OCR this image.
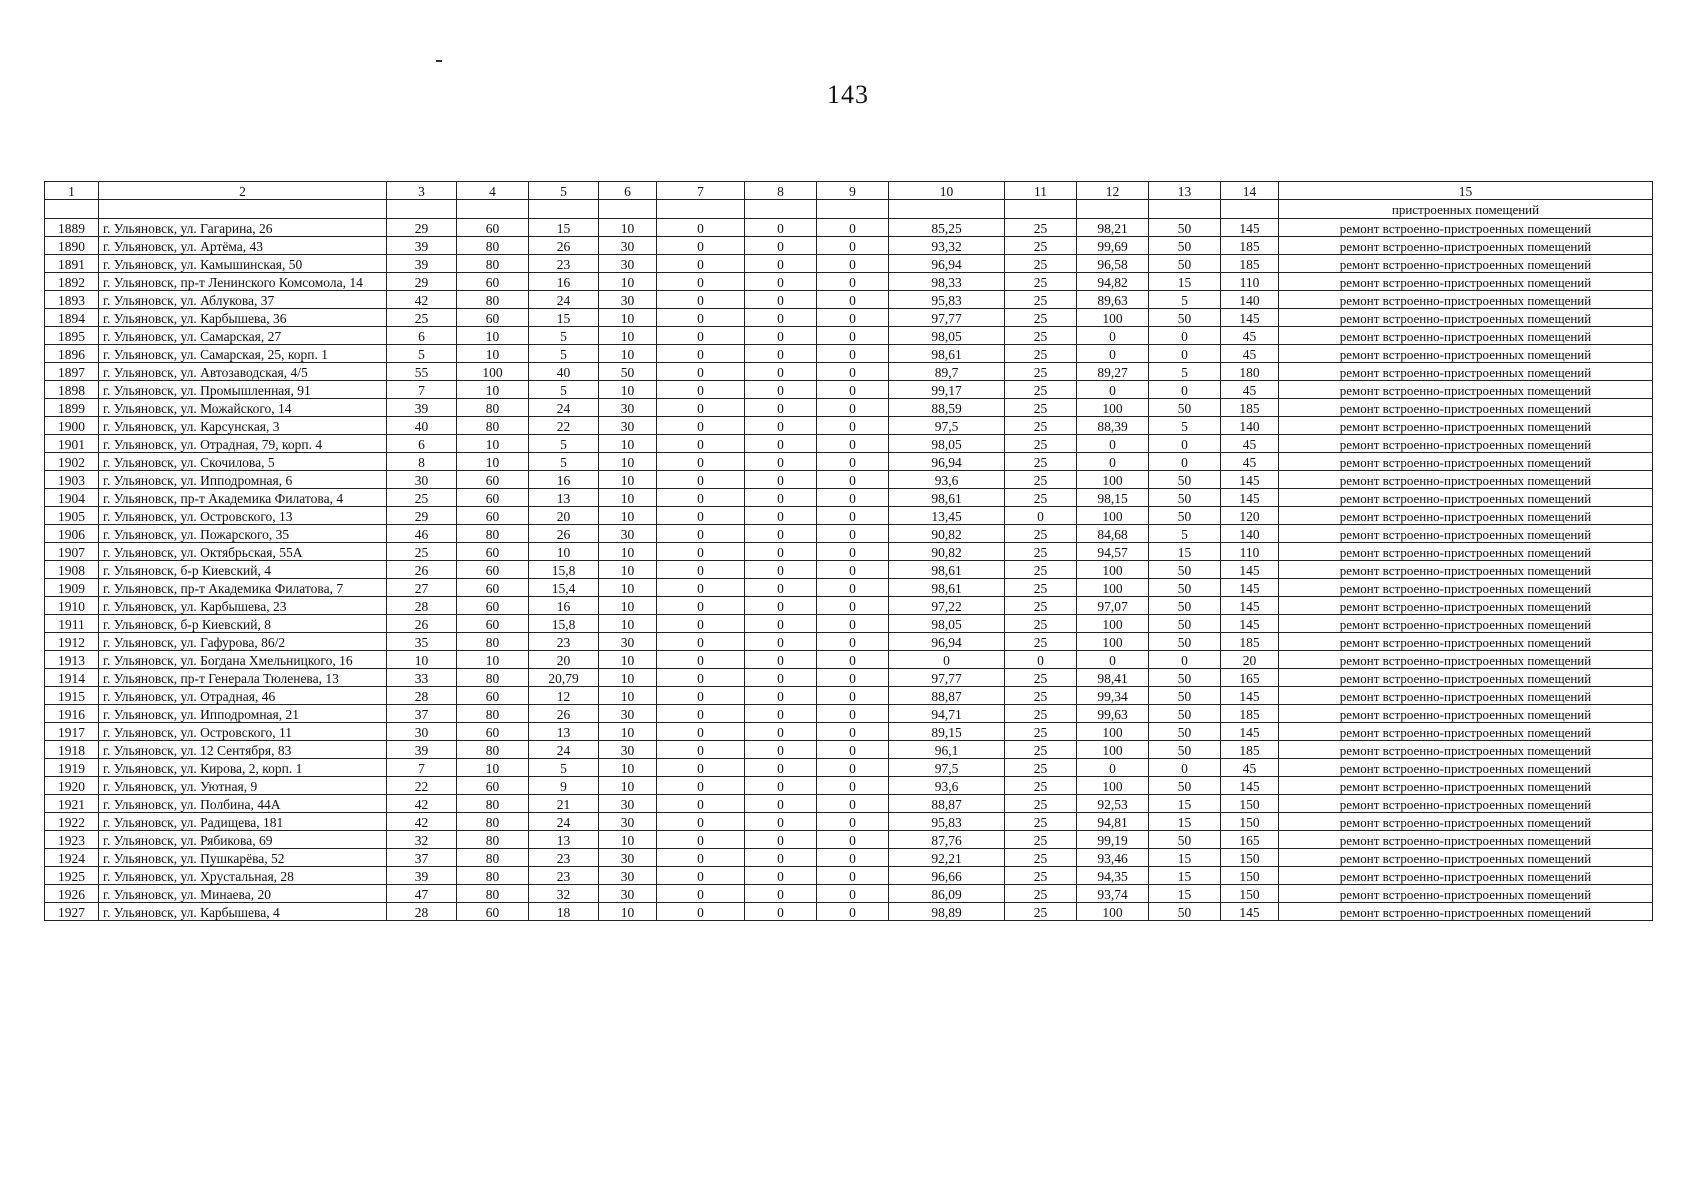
143
1	2	3	4	5	6	7	8	9	10	11	12	13	14	15
														пристроенных помещений
1889	г. Ульяновск, ул. Гагарина, 26	29	60	15	10	0	0	0	85,25	25	98,21	50	145	ремонт встроенно-пристроенных помещений
1890	г. Ульяновск, ул. Артёма, 43	39	80	26	30	0	0	0	93,32	25	99,69	50	185	ремонт встроенно-пристроенных помещений
1891	г. Ульяновск, ул. Камышинская, 50	39	80	23	30	0	0	0	96,94	25	96,58	50	185	ремонт встроенно-пристроенных помещений
1892	г. Ульяновск, пр-т Ленинского Комсомола, 14	29	60	16	10	0	0	0	98,33	25	94,82	15	110	ремонт встроенно-пристроенных помещений
1893	г. Ульяновск, ул. Аблукова, 37	42	80	24	30	0	0	0	95,83	25	89,63	5	140	ремонт встроенно-пристроенных помещений
1894	г. Ульяновск, ул. Карбышева, 36	25	60	15	10	0	0	0	97,77	25	100	50	145	ремонт встроенно-пристроенных помещений
1895	г. Ульяновск, ул. Самарская, 27	6	10	5	10	0	0	0	98,05	25	0	0	45	ремонт встроенно-пристроенных помещений
1896	г. Ульяновск, ул. Самарская, 25, корп. 1	5	10	5	10	0	0	0	98,61	25	0	0	45	ремонт встроенно-пристроенных помещений
1897	г. Ульяновск, ул. Автозаводская, 4/5	55	100	40	50	0	0	0	89,7	25	89,27	5	180	ремонт встроенно-пристроенных помещений
1898	г. Ульяновск, ул. Промышленная, 91	7	10	5	10	0	0	0	99,17	25	0	0	45	ремонт встроенно-пристроенных помещений
1899	г. Ульяновск, ул. Можайского, 14	39	80	24	30	0	0	0	88,59	25	100	50	185	ремонт встроенно-пристроенных помещений
1900	г. Ульяновск, ул. Карсунская, 3	40	80	22	30	0	0	0	97,5	25	88,39	5	140	ремонт встроенно-пристроенных помещений
1901	г. Ульяновск, ул. Отрадная, 79, корп. 4	6	10	5	10	0	0	0	98,05	25	0	0	45	ремонт встроенно-пристроенных помещений
1902	г. Ульяновск, ул. Скочилова, 5	8	10	5	10	0	0	0	96,94	25	0	0	45	ремонт встроенно-пристроенных помещений
1903	г. Ульяновск, ул. Ипподромная, 6	30	60	16	10	0	0	0	93,6	25	100	50	145	ремонт встроенно-пристроенных помещений
1904	г. Ульяновск, пр-т Академика Филатова, 4	25	60	13	10	0	0	0	98,61	25	98,15	50	145	ремонт встроенно-пристроенных помещений
1905	г. Ульяновск, ул. Островского, 13	29	60	20	10	0	0	0	13,45	0	100	50	120	ремонт встроенно-пристроенных помещений
1906	г. Ульяновск, ул. Пожарского, 35	46	80	26	30	0	0	0	90,82	25	84,68	5	140	ремонт встроенно-пристроенных помещений
1907	г. Ульяновск, ул. Октябрьская, 55А	25	60	10	10	0	0	0	90,82	25	94,57	15	110	ремонт встроенно-пристроенных помещений
1908	г. Ульяновск, б-р Киевский, 4	26	60	15,8	10	0	0	0	98,61	25	100	50	145	ремонт встроенно-пристроенных помещений
1909	г. Ульяновск, пр-т Академика Филатова, 7	27	60	15,4	10	0	0	0	98,61	25	100	50	145	ремонт встроенно-пристроенных помещений
1910	г. Ульяновск, ул. Карбышева, 23	28	60	16	10	0	0	0	97,22	25	97,07	50	145	ремонт встроенно-пристроенных помещений
1911	г. Ульяновск, б-р Киевский, 8	26	60	15,8	10	0	0	0	98,05	25	100	50	145	ремонт встроенно-пристроенных помещений
1912	г. Ульяновск, ул. Гафурова, 86/2	35	80	23	30	0	0	0	96,94	25	100	50	185	ремонт встроенно-пристроенных помещений
1913	г. Ульяновск, ул. Богдана Хмельницкого, 16	10	10	20	10	0	0	0	0	0	0	0	20	ремонт встроенно-пристроенных помещений
1914	г. Ульяновск, пр-т Генерала Тюленева, 13	33	80	20,79	10	0	0	0	97,77	25	98,41	50	165	ремонт встроенно-пристроенных помещений
1915	г. Ульяновск, ул. Отрадная, 46	28	60	12	10	0	0	0	88,87	25	99,34	50	145	ремонт встроенно-пристроенных помещений
1916	г. Ульяновск, ул. Ипподромная, 21	37	80	26	30	0	0	0	94,71	25	99,63	50	185	ремонт встроенно-пристроенных помещений
1917	г. Ульяновск, ул. Островского, 11	30	60	13	10	0	0	0	89,15	25	100	50	145	ремонт встроенно-пристроенных помещений
1918	г. Ульяновск, ул. 12 Сентября, 83	39	80	24	30	0	0	0	96,1	25	100	50	185	ремонт встроенно-пристроенных помещений
1919	г. Ульяновск, ул. Кирова, 2, корп. 1	7	10	5	10	0	0	0	97,5	25	0	0	45	ремонт встроенно-пристроенных помещений
1920	г. Ульяновск, ул. Уютная, 9	22	60	9	10	0	0	0	93,6	25	100	50	145	ремонт встроенно-пристроенных помещений
1921	г. Ульяновск, ул. Полбина, 44А	42	80	21	30	0	0	0	88,87	25	92,53	15	150	ремонт встроенно-пристроенных помещений
1922	г. Ульяновск, ул. Радищева, 181	42	80	24	30	0	0	0	95,83	25	94,81	15	150	ремонт встроенно-пристроенных помещений
1923	г. Ульяновск, ул. Рябикова, 69	32	80	13	10	0	0	0	87,76	25	99,19	50	165	ремонт встроенно-пристроенных помещений
1924	г. Ульяновск, ул. Пушкарёва, 52	37	80	23	30	0	0	0	92,21	25	93,46	15	150	ремонт встроенно-пристроенных помещений
1925	г. Ульяновск, ул. Хрустальная, 28	39	80	23	30	0	0	0	96,66	25	94,35	15	150	ремонт встроенно-пристроенных помещений
1926	г. Ульяновск, ул. Минаева, 20	47	80	32	30	0	0	0	86,09	25	93,74	15	150	ремонт встроенно-пристроенных помещений
1927	г. Ульяновск, ул. Карбышева, 4	28	60	18	10	0	0	0	98,89	25	100	50	145	ремонт встроенно-пристроенных помещений
